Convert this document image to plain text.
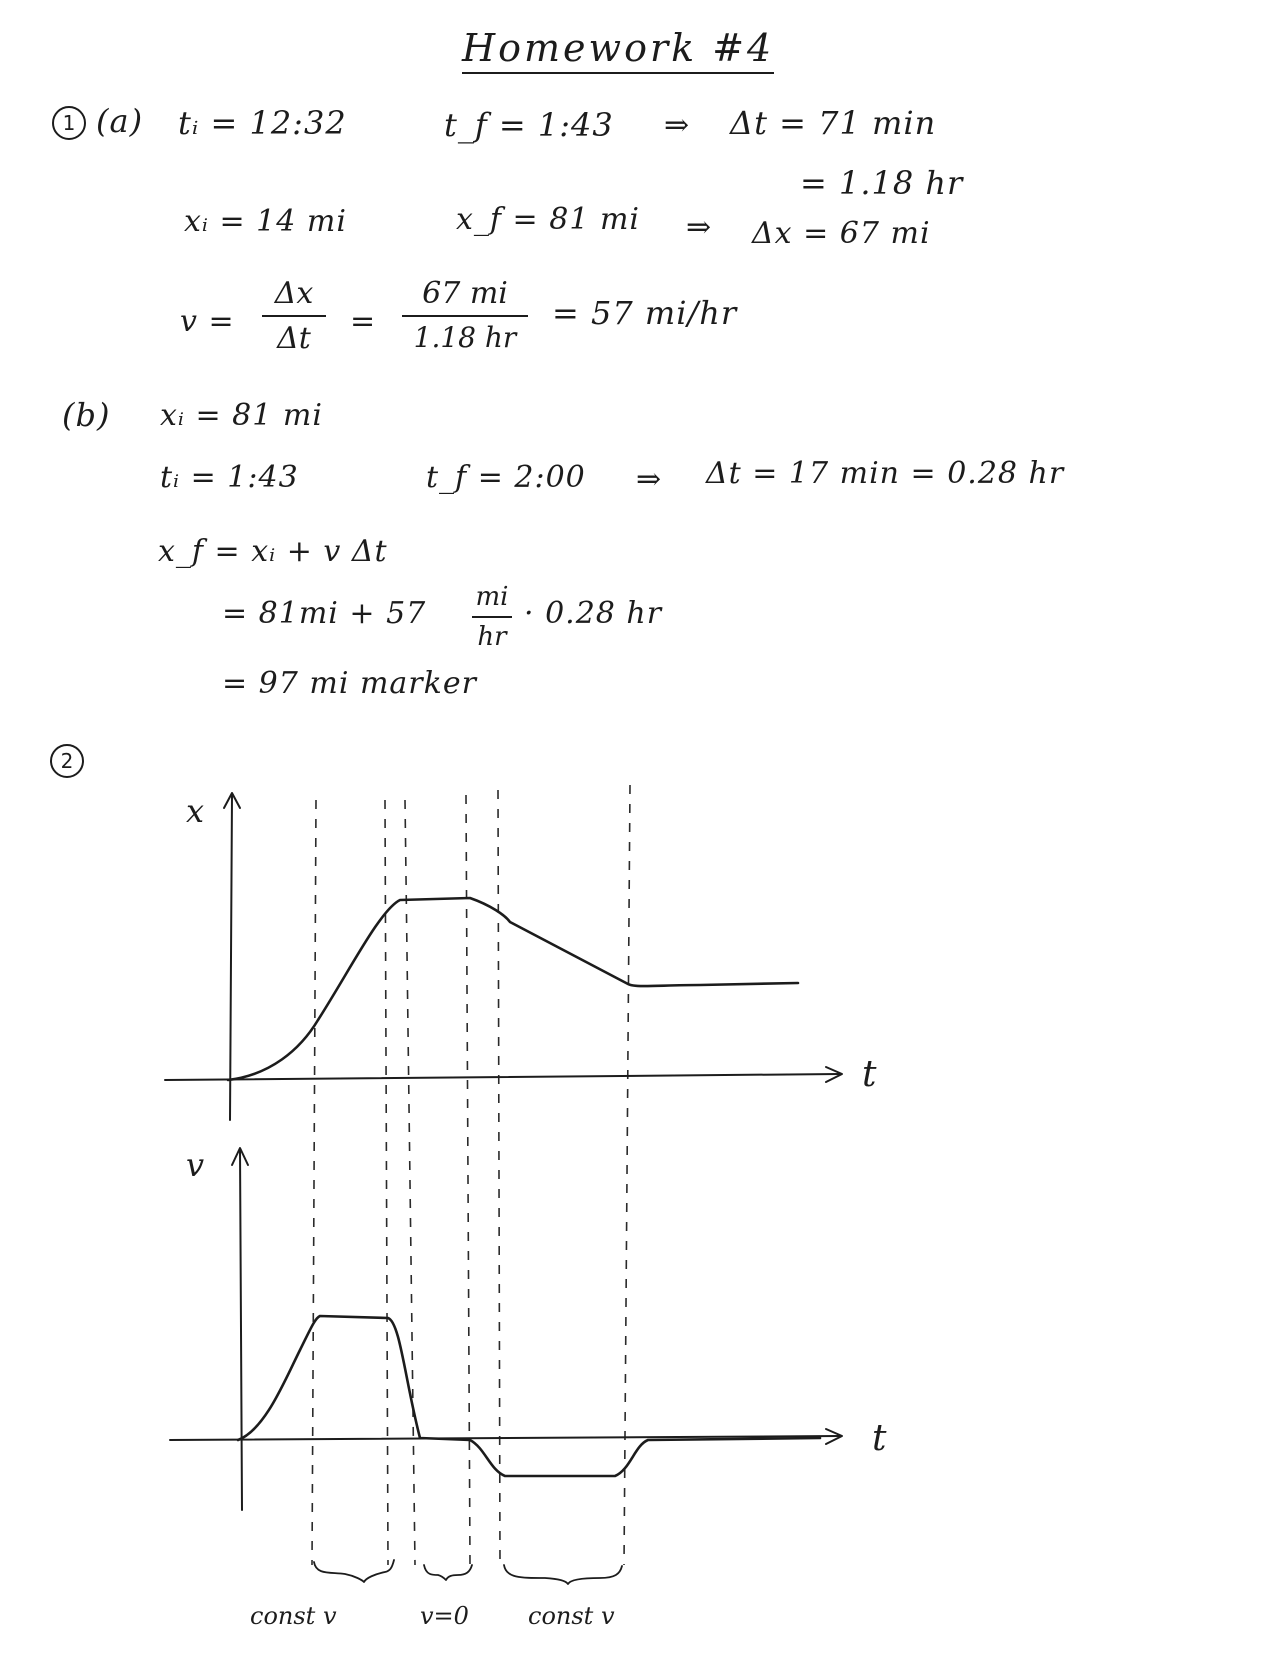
Homework #4
1 (a) tᵢ = 12:32	t_f = 1:43 ⇒ Δt = 71 min
= 1.18 hr
xᵢ = 14 mi	x_f = 81 mi ⇒ Δx = 67 mi
v =
Δx
Δt =
67 mi
1.18 hr
= 57 mi/hr
(b) xᵢ = 81 mi
tᵢ = 1:43	t_f = 2:00 ⇒ Δt = 17 min = 0.28 hr
x_f = xᵢ + v Δt
= 81mi + 57 mi
hr
· 0.28 hr
= 97 mi marker
2
x
t
v
t
const v	v=0 const v
